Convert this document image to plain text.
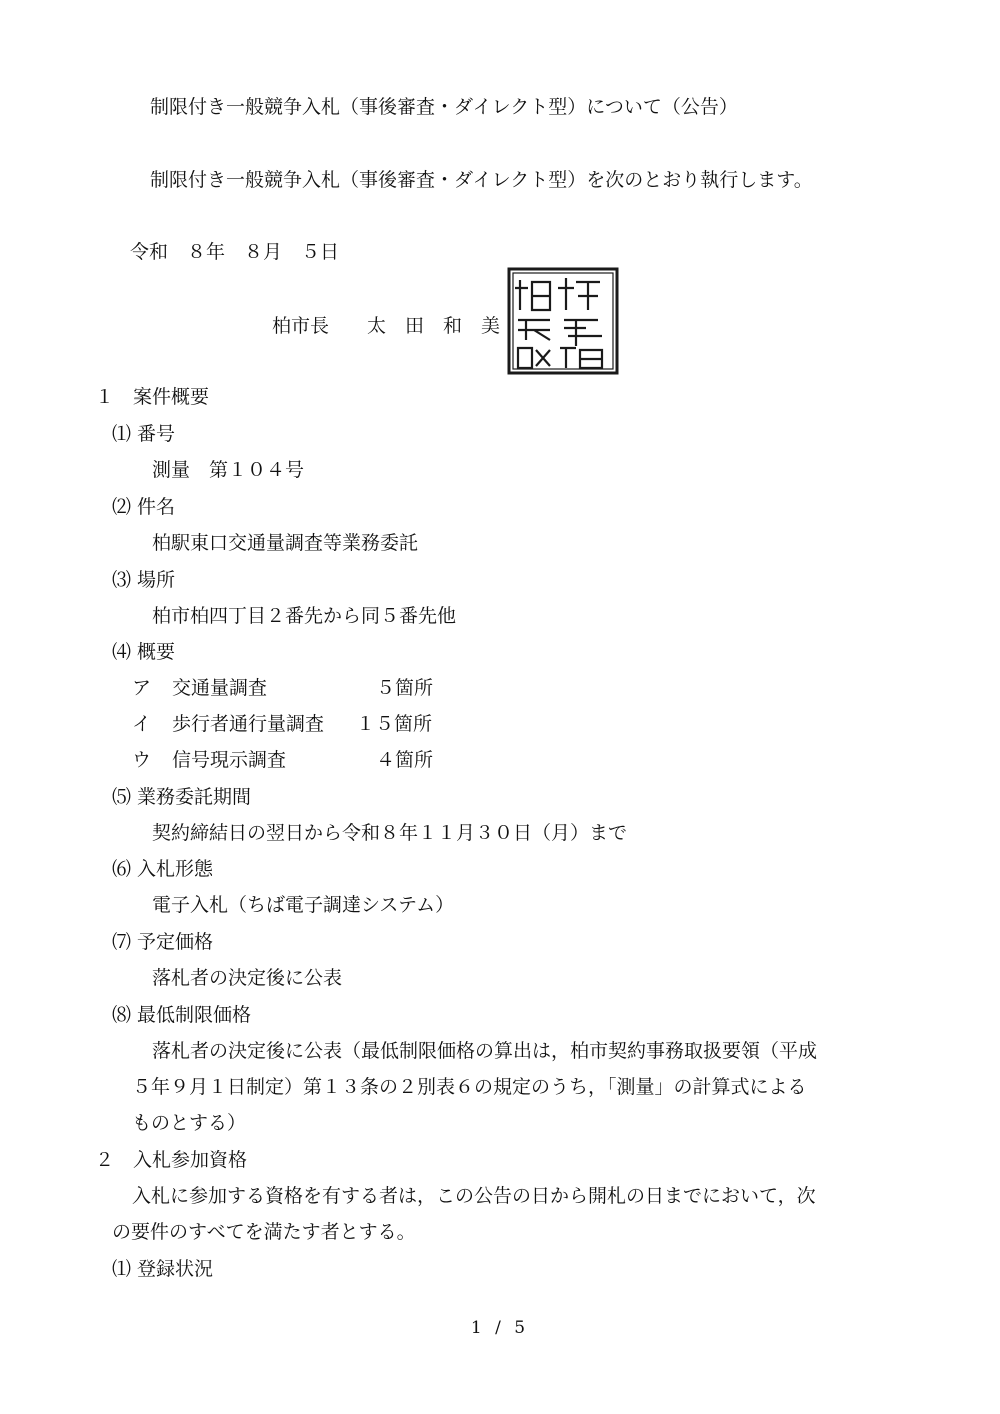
制限付き一般競争入札（事後審査・ダイレクト型）について（公告）
制限付き一般競争入札（事後審査・ダイレクト型）を次のとおり執行します。
令和　８年　８月　５日
柏市長　　太　田　和　美
１　案件概要
⑴ 番号
測量　第１０４号
⑵ 件名
柏駅東口交通量調査等業務委託
⑶ 場所
柏市柏四丁目２番先から同５番先他
⑷ 概要
ア 交通量調査	５箇所
イ 歩行者通行量調査 １５箇所
ウ 信号現示調査	４箇所
⑸ 業務委託期間
契約締結日の翌日から令和８年１１月３０日（月）まで
⑹ 入札形態
電子入札（ちば電子調達システム）
⑺ 予定価格
落札者の決定後に公表
⑻ 最低制限価格
落札者の決定後に公表（最低制限価格の算出は，柏市契約事務取扱要領（平成
５年９月１日制定）第１３条の２別表６の規定のうち，「測量」の計算式による
ものとする）
２　入札参加資格
入札に参加する資格を有する者は，この公告の日から開札の日までにおいて，次
の要件のすべてを満たす者とする。
⑴ 登録状況
1 / 5
